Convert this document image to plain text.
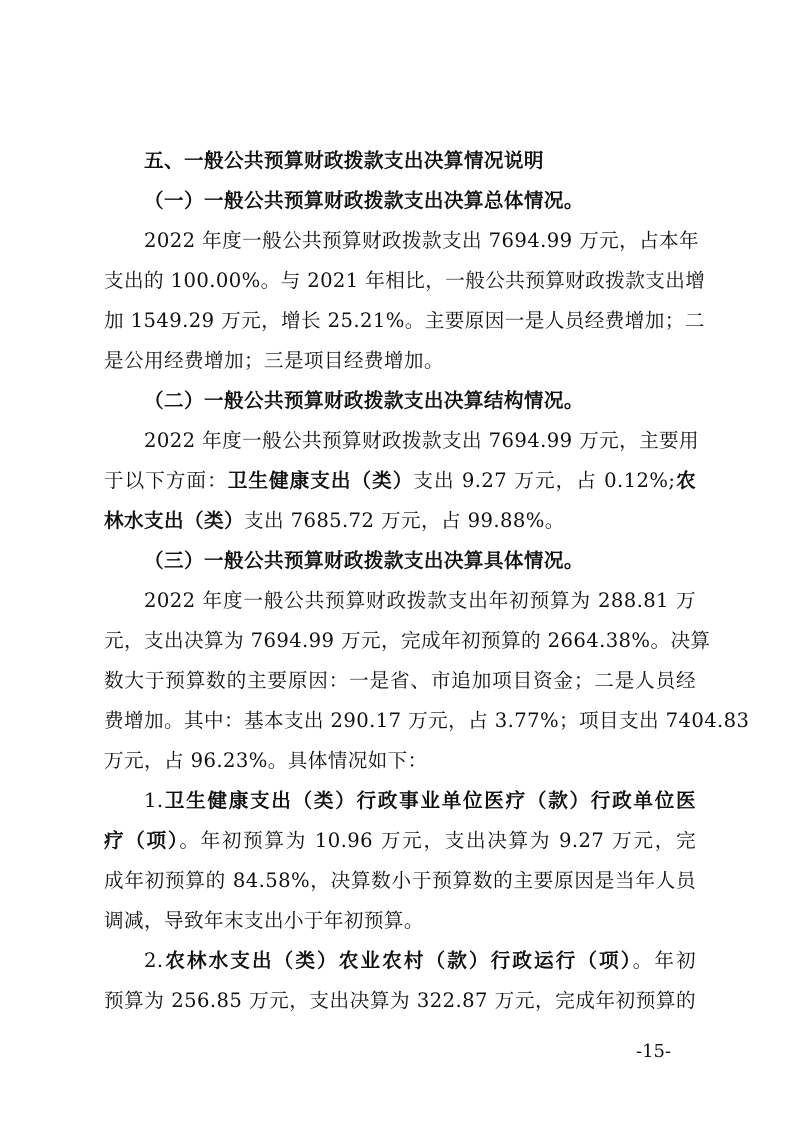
五、一般公共预算财政拨款支出决算情况说明
（一）一般公共预算财政拨款支出决算总体情况。
2022 年度一般公共预算财政拨款支出 7694.99 万元，占本年
支出的 100.00%。与 2021 年相比，一般公共预算财政拨款支出增
加 1549.29 万元，增长 25.21%。主要原因一是人员经费增加；二
是公用经费增加；三是项目经费增加。
（二）一般公共预算财政拨款支出决算结构情况。
2022 年度一般公共预算财政拨款支出 7694.99 万元，主要用
于以下方面：卫生健康支出（类）支出 9.27 万元，占 0.12%;农
林水支出（类）支出 7685.72 万元，占 99.88%。
（三）一般公共预算财政拨款支出决算具体情况。
2022 年度一般公共预算财政拨款支出年初预算为 288.81 万
元，支出决算为 7694.99 万元，完成年初预算的 2664.38%。决算
数大于预算数的主要原因：一是省、市追加项目资金；二是人员经
费增加。其中：基本支出 290.17 万元，占 3.77%；项目支出 7404.83
万元，占 96.23%。具体情况如下：
1.卫生健康支出（类）行政事业单位医疗（款）行政单位医
疗（项）。年初预算为 10.96 万元，支出决算为 9.27 万元，完
成年初预算的 84.58%，决算数小于预算数的主要原因是当年人员
调减，导致年末支出小于年初预算。
2.农林水支出（类）农业农村（款）行政运行（项）。年初
预算为 256.85 万元，支出决算为 322.87 万元，完成年初预算的
-15-
